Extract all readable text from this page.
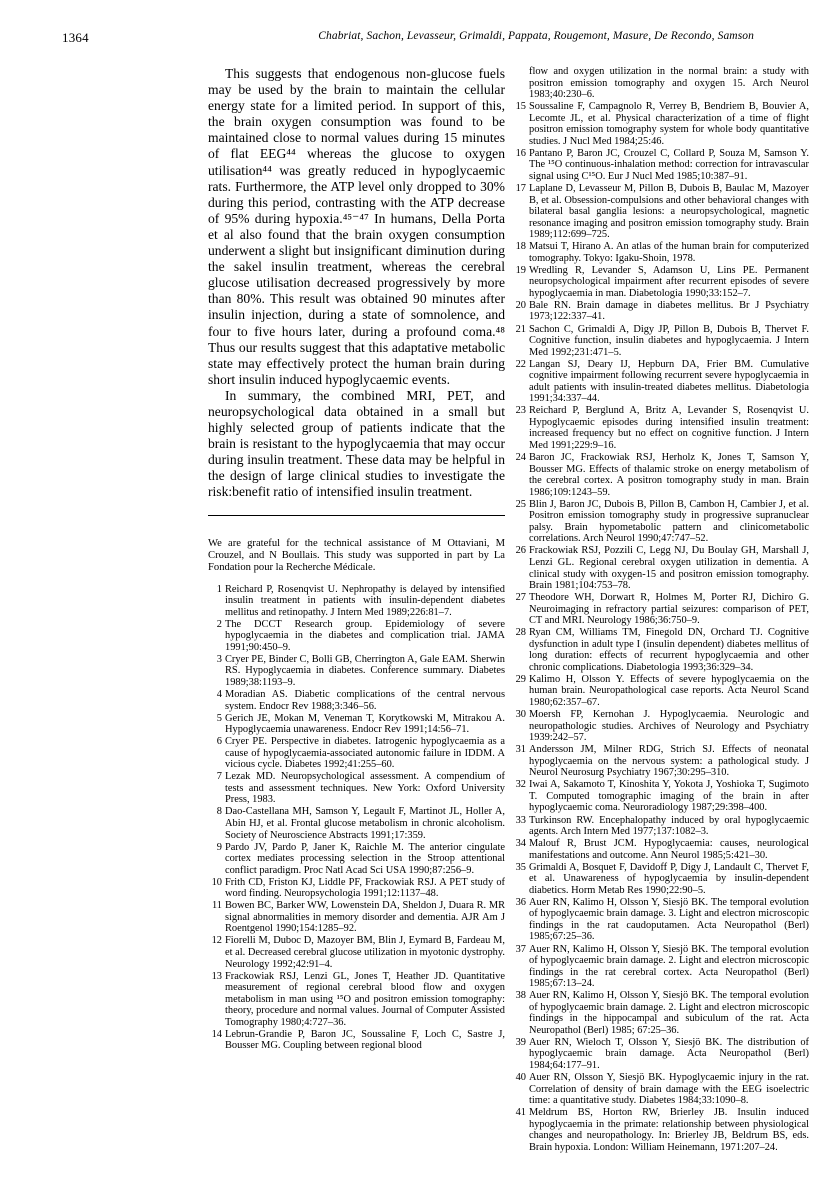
1364	Chabriat, Sachon, Levasseur, Grimaldi, Pappata, Rougemont, Masure, De Recondo, Samson

This suggests that endogenous non-glucose fuels may be used by the brain to maintain the cellular energy state for a limited period. In support of this, the brain oxygen consumption was found to be maintained close to normal values during 15 minutes of flat EEG⁴⁴ whereas the glucose to oxygen utilisation⁴⁴ was greatly reduced in hypoglycaemic rats. Furthermore, the ATP level only dropped to 30% during this period, contrasting with the ATP decrease of 95% during hypoxia.⁴⁵⁻⁴⁷ In humans, Della Porta et al also found that the brain oxygen consumption underwent a slight but insignificant diminution during the sakel insulin treatment, whereas the cerebral glucose utilisation decreased progressively by more than 80%. This result was obtained 90 minutes after insulin injection, during a state of somnolence, and four to five hours later, during a profound coma.⁴⁸ Thus our results suggest that this adaptative metabolic state may effectively protect the human brain during short insulin induced hypoglycaemic events.

In summary, the combined MRI, PET, and neuropsychological data obtained in a small but highly selected group of patients indicate that the brain is resistant to the hypoglycaemia that may occur during insulin treatment. These data may be helpful in the design of large clinical studies to investigate the risk:benefit ratio of intensified insulin treatment.

We are grateful for the technical assistance of M Ottaviani, M Crouzel, and N Boullais. This study was supported in part by La Fondation pour la Recherche Médicale.
1 Reichard P, Rosenqvist U. Nephropathy is delayed by intensified insulin treatment in patients with insulin-dependent diabetes mellitus and retinopathy. J Intern Med 1989;226:81–7.
2 The DCCT Research group. Epidemiology of severe hypoglycaemia in the diabetes and complication trial. JAMA 1991;90:450–9.
3 Cryer PE, Binder C, Bolli GB, Cherrington A, Gale EAM. Sherwin RS. Hypoglycaemia in diabetes. Conference summary. Diabetes 1989;38:1193–9.
4 Moradian AS. Diabetic complications of the central nervous system. Endocr Rev 1988;3:346–56.
5 Gerich JE, Mokan M, Veneman T, Korytkowski M, Mitrakou A. Hypoglycaemia unawareness. Endocr Rev 1991;14:56–71.
6 Cryer PE. Perspective in diabetes. Iatrogenic hypoglycaemia as a cause of hypoglycaemia-associated autonomic failure in IDDM. A vicious cycle. Diabetes 1992;41:255–60.
7 Lezak MD. Neuropsychological assessment. A compendium of tests and assessment techniques. New York: Oxford University Press, 1983.
8 Dao-Castellana MH, Samson Y, Legault F, Martinot JL, Holler A, Abin HJ, et al. Frontal glucose metabolism in chronic alcoholism. Society of Neuroscience Abstracts 1991;17:359.
9 Pardo JV, Pardo P, Janer K, Raichle M. The anterior cingulate cortex mediates processing selection in the Stroop attentional conflict paradigm. Proc Natl Acad Sci USA 1990;87:256–9.
10 Frith CD, Friston KJ, Liddle PF, Frackowiak RSJ. A PET study of word finding. Neuropsychologia 1991;12:1137–48.
11 Bowen BC, Barker WW, Lowenstein DA, Sheldon J, Duara R. MR signal abnormalities in memory disorder and dementia. AJR Am J Roentgenol 1990;154:1285–92.
12 Fiorelli M, Duboc D, Mazoyer BM, Blin J, Eymard B, Fardeau M, et al. Decreased cerebral glucose utilization in myotonic dystrophy. Neurology 1992;42:91–4.
13 Frackowiak RSJ, Lenzi GL, Jones T, Heather JD. Quantitative measurement of regional cerebral blood flow and oxygen metabolism in man using ¹⁵O and positron emission tomography: theory, procedure and normal values. Journal of Computer Assisted Tomography 1980;4:727–36.
14 Lebrun-Grandie P, Baron JC, Soussaline F, Loch C, Sastre J, Bousser MG. Coupling between regional blood
flow and oxygen utilization in the normal brain: a study with positron emission tomography and oxygen 15. Arch Neurol 1983;40:230–6.
15 Soussaline F, Campagnolo R, Verrey B, Bendriem B, Bouvier A, Lecomte JL, et al. Physical characterization of a time of flight positron emission tomography system for whole body quantitative studies. J Nucl Med 1984;25:46.
16 Pantano P, Baron JC, Crouzel C, Collard P, Souza M, Samson Y. The ¹⁵O continuous-inhalation method: correction for intravascular signal using C¹⁵O. Eur J Nucl Med 1985;10:387–91.
17 Laplane D, Levasseur M, Pillon B, Dubois B, Baulac M, Mazoyer B, et al. Obsession-compulsions and other behavioral changes with bilateral basal ganglia lesions: a neuropsychological, magnetic resonance imaging and positron emission tomography study. Brain 1989;112:699–725.
18 Matsui T, Hirano A. An atlas of the human brain for computerized tomography. Tokyo: Igaku-Shoin, 1978.
19 Wredling R, Levander S, Adamson U, Lins PE. Permanent neuropsychological impairment after recurrent episodes of severe hypoglycaemia in man. Diabetologia 1990;33:152–7.
20 Bale RN. Brain damage in diabetes mellitus. Br J Psychiatry 1973;122:337–41.
21 Sachon C, Grimaldi A, Digy JP, Pillon B, Dubois B, Thervet F. Cognitive function, insulin diabetes and hypoglycaemia. J Intern Med 1992;231:471–5.
22 Langan SJ, Deary IJ, Hepburn DA, Frier BM. Cumulative cognitive impairment following recurrent severe hypoglycaemia in adult patients with insulin-treated diabetes mellitus. Diabetologia 1991;34:337–44.
23 Reichard P, Berglund A, Britz A, Levander S, Rosenqvist U. Hypoglycaemic episodes during intensified insulin treatment: increased frequency but no effect on cognitive function. J Intern Med 1991;229:9–16.
24 Baron JC, Frackowiak RSJ, Herholz K, Jones T, Samson Y, Bousser MG. Effects of thalamic stroke on energy metabolism of the cerebral cortex. A positron tomography study in man. Brain 1986;109:1243–59.
25 Blin J, Baron JC, Dubois B, Pillon B, Cambon H, Cambier J, et al. Positron emission tomography study in progressive supranuclear palsy. Brain hypometabolic pattern and clinicometabolic correlations. Arch Neurol 1990;47:747–52.
26 Frackowiak RSJ, Pozzili C, Legg NJ, Du Boulay GH, Marshall J, Lenzi GL. Regional cerebral oxygen utilization in dementia. A clinical study with oxygen-15 and positron emission tomography. Brain 1981;104:753–78.
27 Theodore WH, Dorwart R, Holmes M, Porter RJ, Dichiro G. Neuroimaging in refractory partial seizures: comparison of PET, CT and MRI. Neurology 1986;36:750–9.
28 Ryan CM, Williams TM, Finegold DN, Orchard TJ. Cognitive dysfunction in adult type I (insulin dependent) diabetes mellitus of long duration: effects of recurrent hypoglycaemia and other chronic complications. Diabetologia 1993;36:329–34.
29 Kalimo H, Olsson Y. Effects of severe hypoglycaemia on the human brain. Neuropathological case reports. Acta Neurol Scand 1980;62:357–67.
30 Moersh FP, Kernohan J. Hypoglycaemia. Neurologic and neuropathologic studies. Archives of Neurology and Psychiatry 1939:242–57.
31 Andersson JM, Milner RDG, Strich SJ. Effects of neonatal hypoglycaemia on the nervous system: a pathological study. J Neurol Neurosurg Psychiatry 1967;30:295–310.
32 Iwai A, Sakamoto T, Kinoshita Y, Yokota J, Yoshioka T, Sugimoto T. Computed tomographic imaging of the brain in after hypoglycaemic coma. Neuroradiology 1987;29:398–400.
33 Turkinson RW. Encephalopathy induced by oral hypoglycaemic agents. Arch Intern Med 1977;137:1082–3.
34 Malouf R, Brust JCM. Hypoglycaemia: causes, neurological manifestations and outcome. Ann Neurol 1985;5:421–30.
35 Grimaldi A, Bosquet F, Davidoff P, Digy J, Landault C, Thervet F, et al. Unawareness of hypoglycaemia by insulin-dependent diabetics. Horm Metab Res 1990;22:90–5.
36 Auer RN, Kalimo H, Olsson Y, Siesjö BK. The temporal evolution of hypoglycaemic brain damage. 3. Light and electron microscopic findings in the rat caudoputamen. Acta Neuropathol (Berl) 1985;67:25–36.
37 Auer RN, Kalimo H, Olsson Y, Siesjö BK. The temporal evolution of hypoglycaemic brain damage. 2. Light and electron microscopic findings in the rat cerebral cortex. Acta Neuropathol (Berl) 1985;67:13–24.
38 Auer RN, Kalimo H, Olsson Y, Siesjö BK. The temporal evolution of hypoglycaemic brain damage. 2. Light and electron microscopic findings in the hippocampal and subiculum of the rat. Acta Neuropathol (Berl) 1985; 67:25–36.
39 Auer RN, Wieloch T, Olsson Y, Siesjö BK. The distribution of hypoglycaemic brain damage. Acta Neuropathol (Berl) 1984;64:177–91.
40 Auer RN, Olsson Y, Siesjö BK. Hypoglycaemic injury in the rat. Correlation of density of brain damage with the EEG isoelectric time: a quantitative study. Diabetes 1984;33:1090–8.
41 Meldrum BS, Horton RW, Brierley JB. Insulin induced hypoglycaemia in the primate: relationship between physiological changes and neuropathology. In: Brierley JB, Beldrum BS, eds. Brain hypoxia. London: William Heinemann, 1971:207–24.
